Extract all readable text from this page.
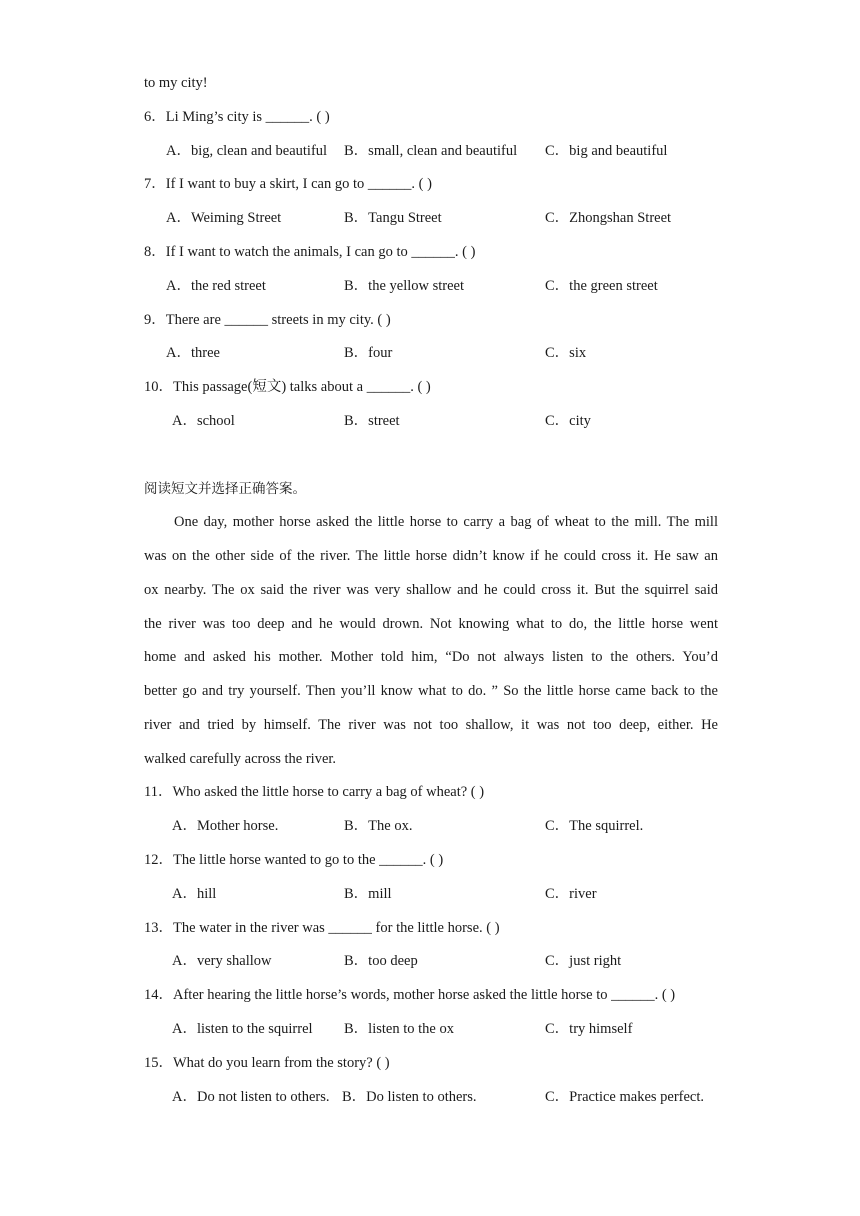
to my city!
6．Li Ming’s city is ______. ( )
A．big, clean and beautiful B．small, clean and beautiful C．big and beautiful
7．If I want to buy a skirt, I can go to ______. ( )
A．Weiming Street	B．Tangu Street	C．Zhongshan Street
8．If I want to watch the animals, I can go to ______. ( )
A．the red street	B．the yellow street	C．the green street
9．There are ______ streets in my city. ( )
A．three	B．four	C．six
10．This passage(短文) talks about a ______. ( )
A．school	B．street	C．city
阅读短文并选择正确答案。
One day, mother horse asked the little horse to carry a bag of wheat to the mill. The mill
was on the other side of the river. The little horse didn’t know if he could cross it. He saw an
ox nearby. The ox said the river was very shallow and he could cross it. But the squirrel said
the river was too deep and he would drown. Not knowing what to do, the little horse went
home and asked his mother. Mother told him, “Do not always listen to the others. You’d
better go and try yourself. Then you’ll know what to do. ” So the little horse came back to the
river and tried by himself. The river was not too shallow, it was not too deep, either. He
walked carefully across the river.
11．Who asked the little horse to carry a bag of wheat? ( )
A．Mother horse.	B．The ox.	C．The squirrel.
12．The little horse wanted to go to the ______. ( )
A．hill	B．mill	C．river
13．The water in the river was ______ for the little horse. ( )
A．very shallow	B．too deep	C．just right
14．After hearing the little horse’s words, mother horse asked the little horse to ______. ( )
A．listen to the squirrel B．listen to the ox	C．try himself
15．What do you learn from the story? ( )
A．Do not listen to others. B．Do listen to others.	C．Practice makes perfect.
